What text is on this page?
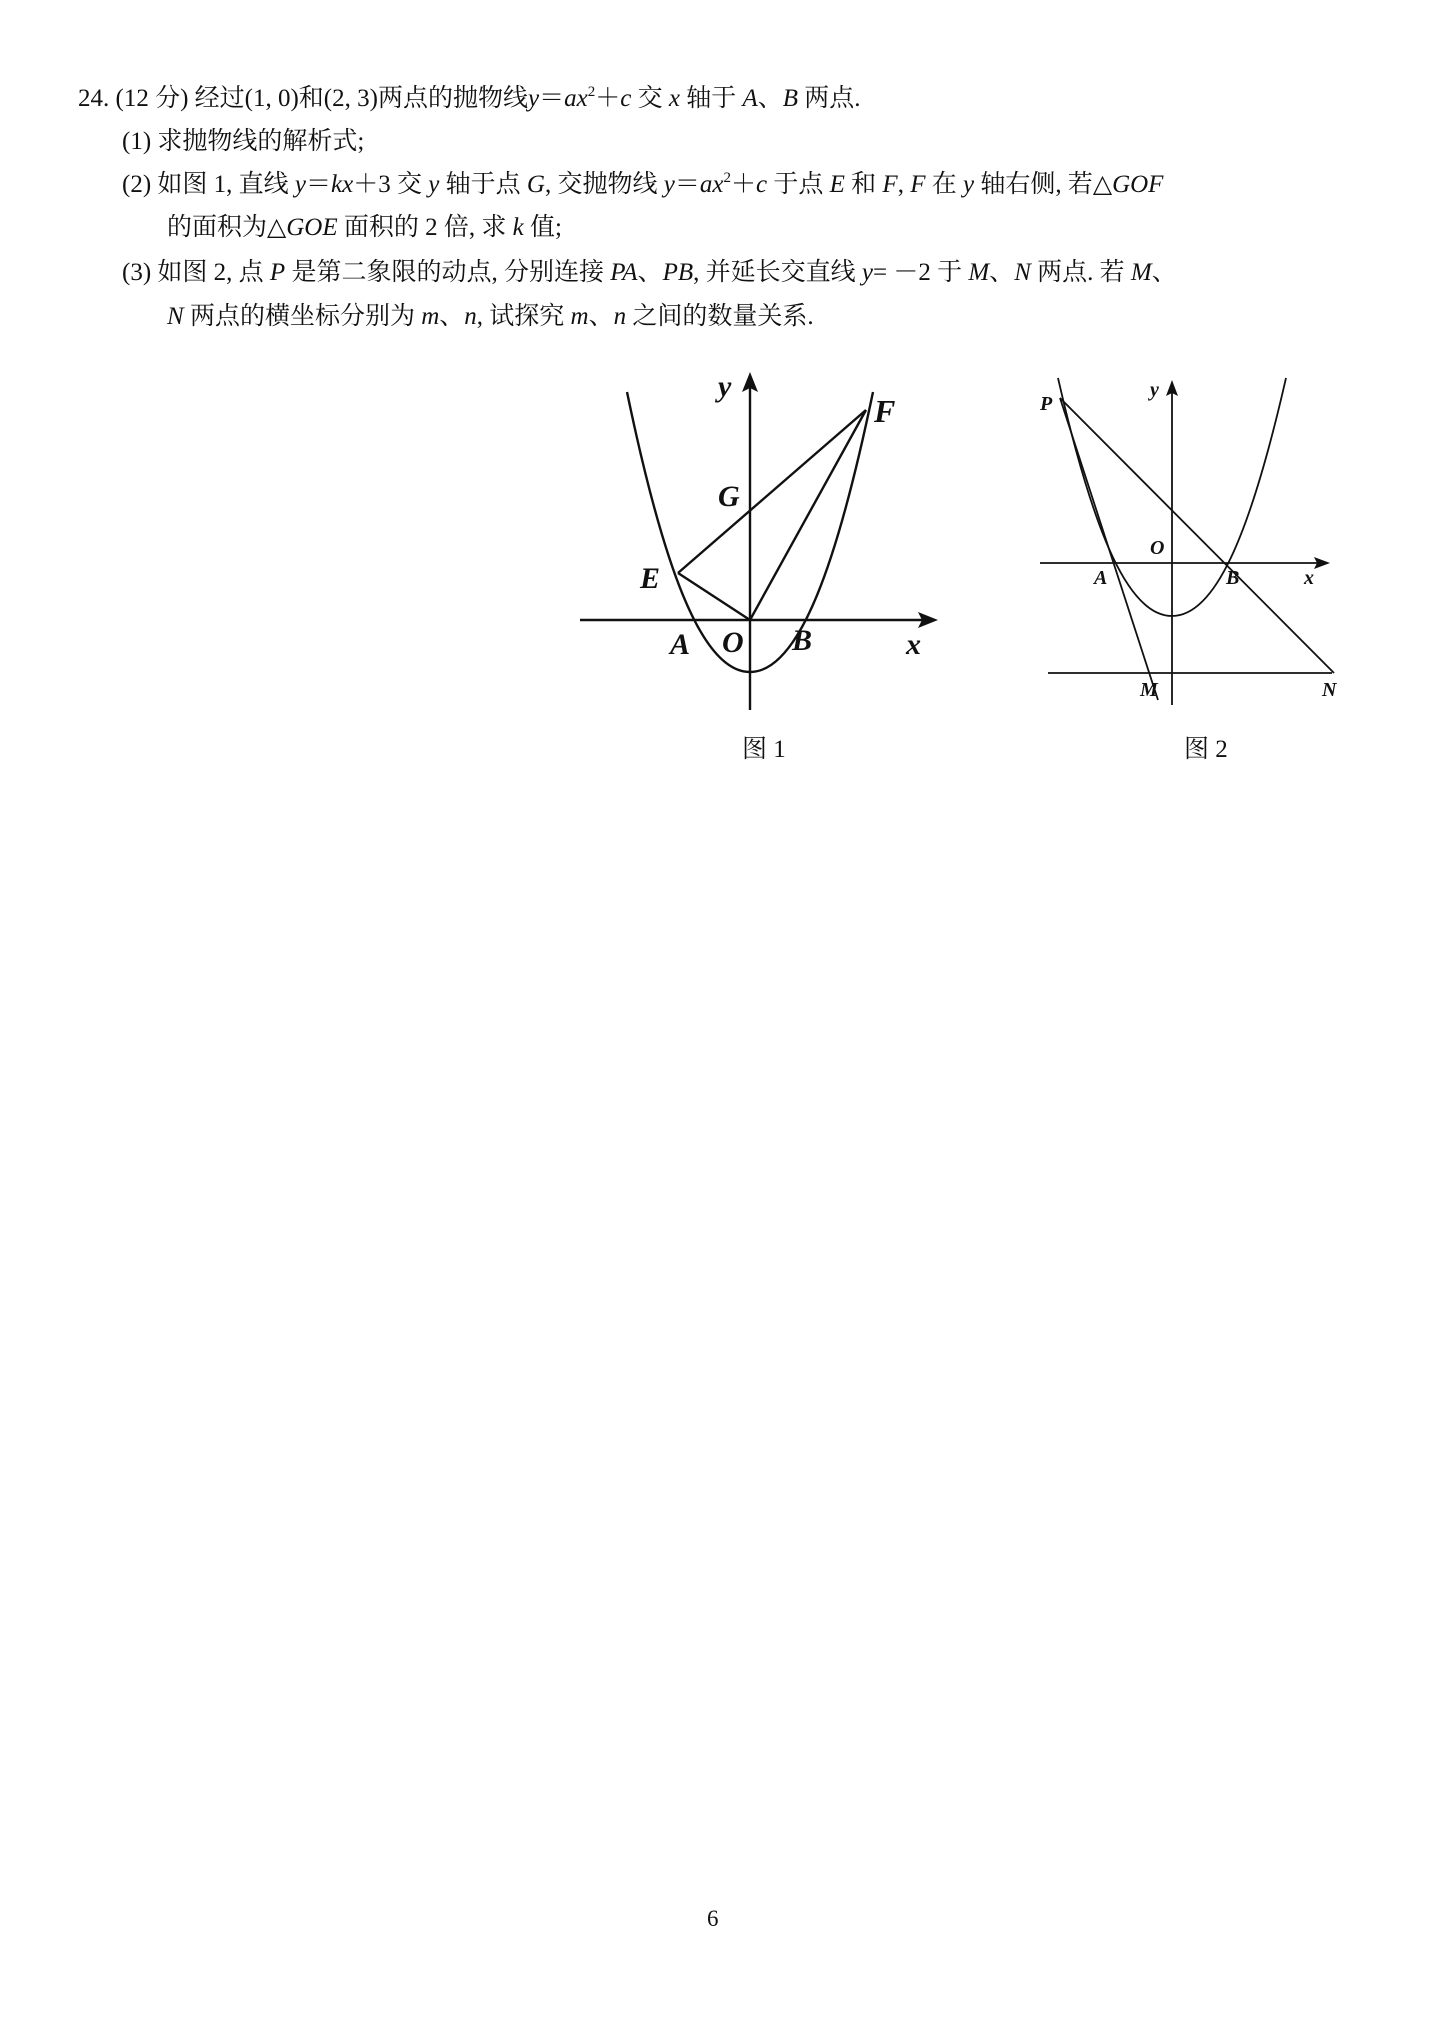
24. (12 分) 经过(1, 0)和(2, 3)两点的抛物线$y=ax^2+c$ 交 x 轴于 A、B 两点.
(1) 求抛物线的解析式;
(2) 如图 1, 直线 y＝kx＋3 交 y 轴于点 G, 交抛物线 $y=ax^2+c$ 于点 E 和 F, F 在 y 轴右侧, 若△GOF
的面积为△GOE 面积的 2 倍, 求 k 值;
(3) 如图 2, 点 P 是第二象限的动点, 分别连接 PA、PB, 并延长交直线 y= －2 于 M、N 两点. 若 M、
N 两点的横坐标分别为 m、n, 试探究 m、n 之间的数量关系.
y
F
G
E
A O B	x
y
P
O
A	B	x
M	N
图 1	图 2
6
